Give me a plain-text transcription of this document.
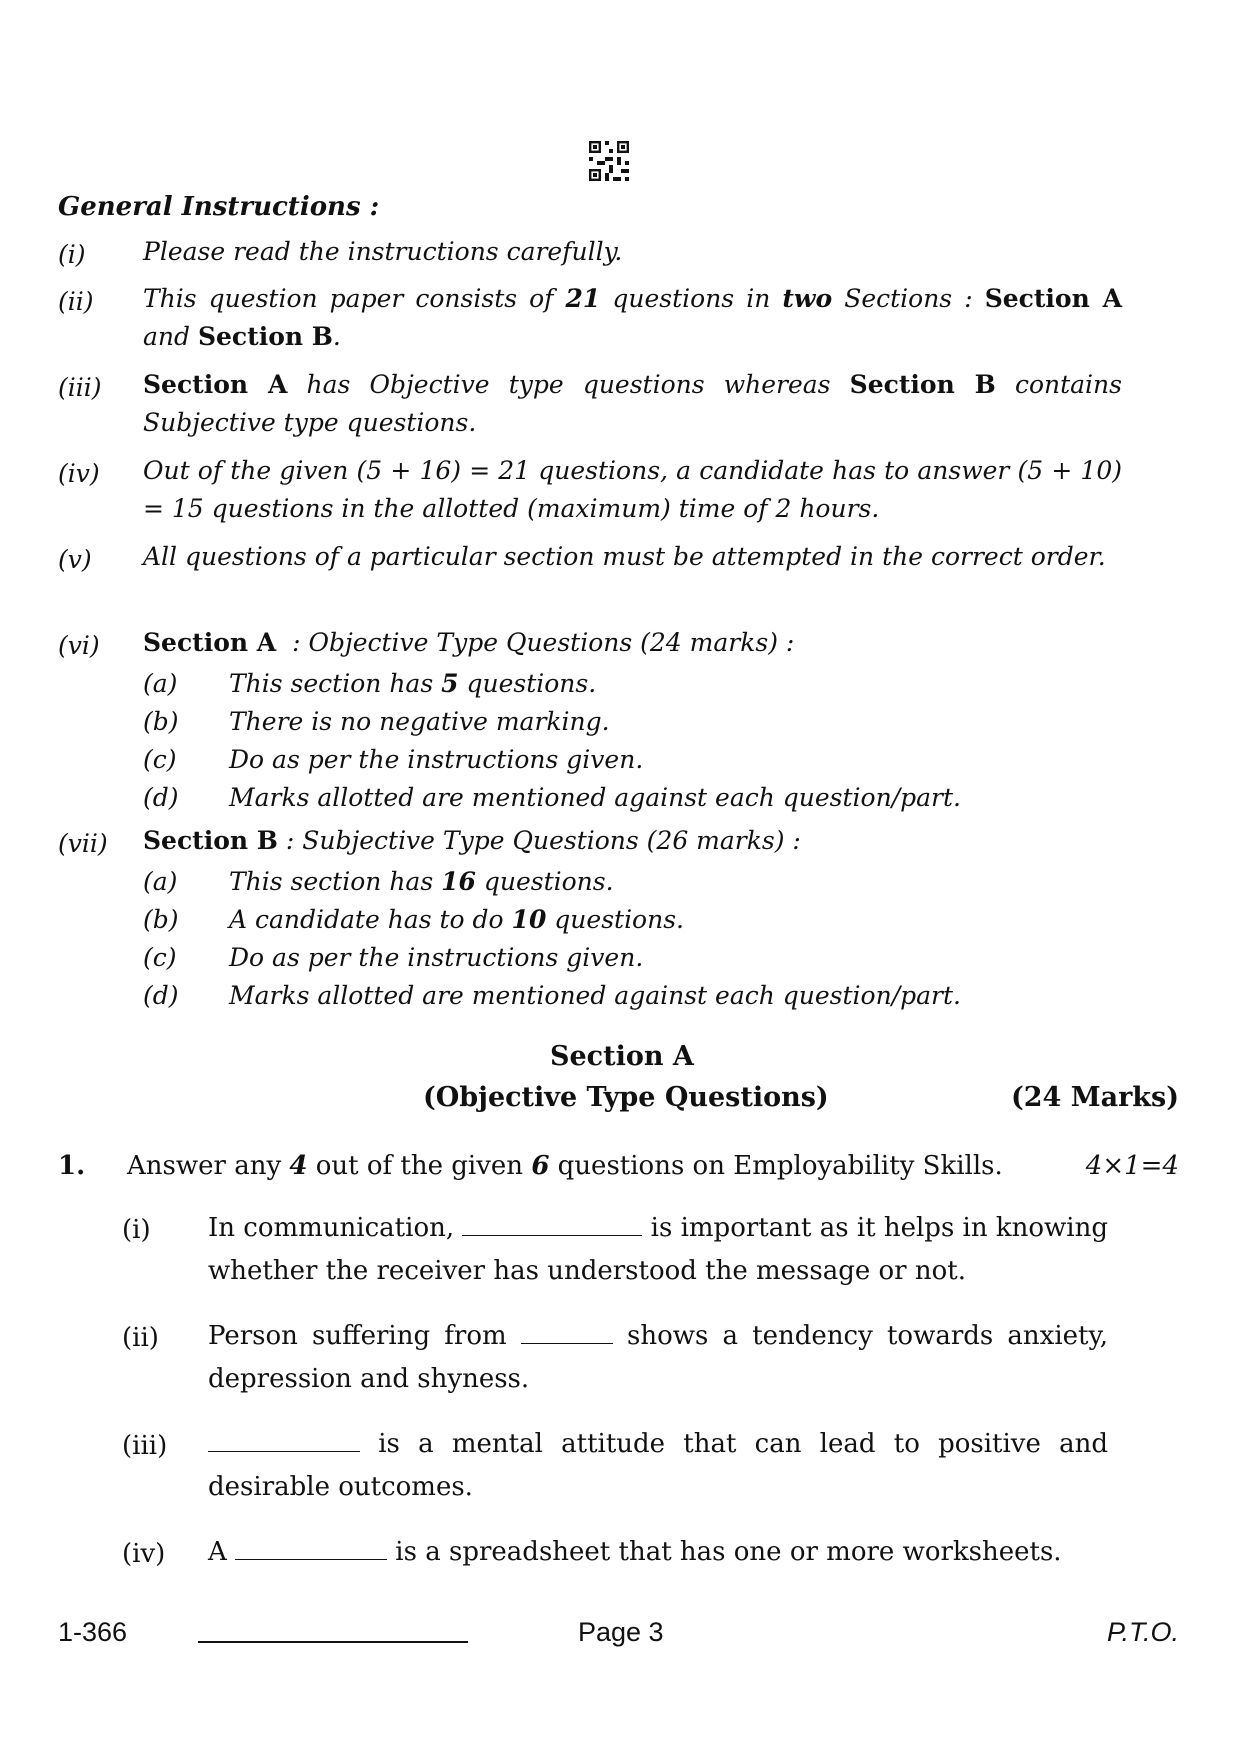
General Instructions :
(i) Please read the instructions carefully.
(ii) This question paper consists of 21 questions in two Sections : Section A and Section B.
(iii) Section A has Objective type questions whereas Section B contains Subjective type questions.
(iv) Out of the given (5 + 16) = 21 questions, a candidate has to answer (5 + 10) = 15 questions in the allotted (maximum) time of 2 hours.
(v) All questions of a particular section must be attempted in the correct order.
(vi) Section A  : Objective Type Questions (24 marks) :
(a) This section has 5 questions.
(b) There is no negative marking.
(c) Do as per the instructions given.
(d) Marks allotted are mentioned against each question/part.
(vii) Section B : Subjective Type Questions (26 marks) :
(a) This section has 16 questions.
(b) A candidate has to do 10 questions.
(c) Do as per the instructions given.
(d) Marks allotted are mentioned against each question/part.
Section A
(Objective Type Questions)	(24 Marks)
1. Answer any 4 out of the given 6 questions on Employability Skills.	4×1=4
(i) In communication,	is important as it helps in knowing whether the receiver has understood the message or not.
(ii) Person suffering from	shows a tendency towards anxiety, depression and shyness.
(iii)	is a mental attitude that can lead to positive and desirable outcomes.
(iv) A	is a spreadsheet that has one or more worksheets.
1-366	Page 3	P.T.O.
